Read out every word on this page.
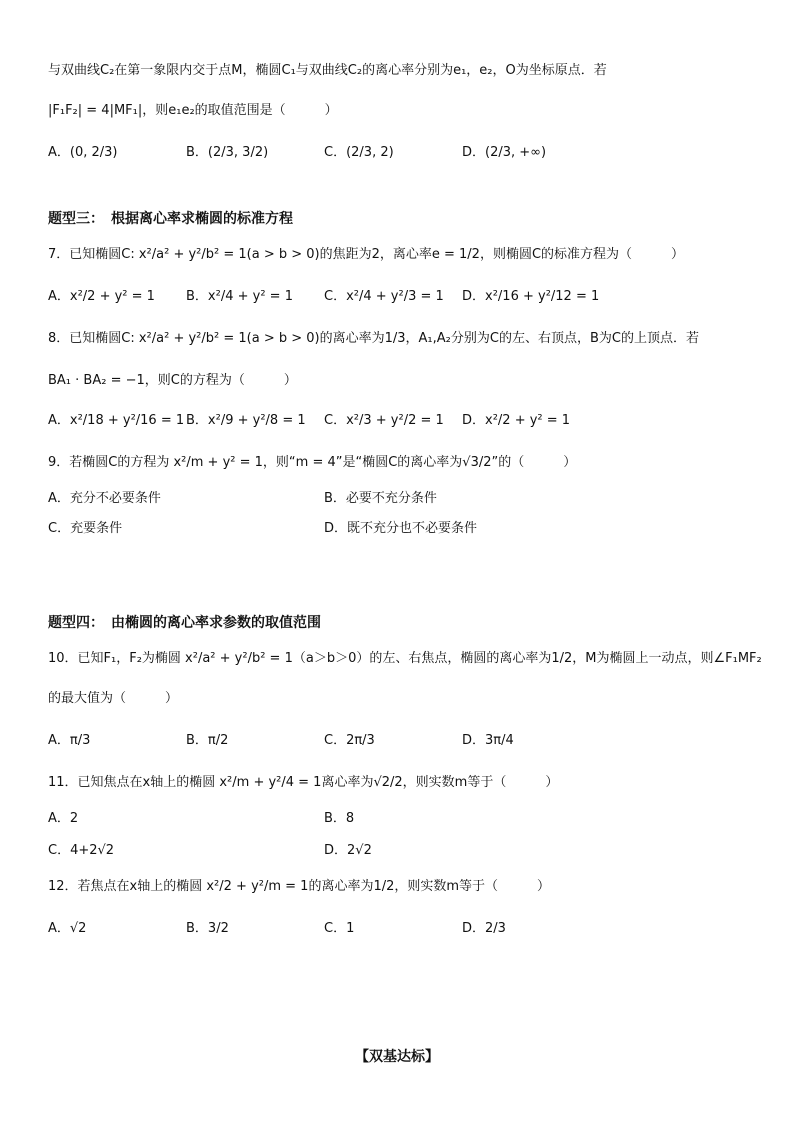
与双曲线C₂在第一象限内交于点M，椭圆C₁与双曲线C₂的离心率分别为e₁，e₂，O为坐标原点．若
|F₁F₂| = 4|MF₁|，则e₁e₂的取值范围是（　　　）
A．(0, 2/3)	B．(2/3, 3/2)	C．(2/3, 2)	D．(2/3, +∞)
题型三：　根据离心率求椭圆的标准方程
7．已知椭圆C: x²/a² + y²/b² = 1(a > b > 0)的焦距为2，离心率e = 1/2，则椭圆C的标准方程为（　　　）
A．x²/2 + y² = 1 B．x²/4 + y² = 1 C．x²/4 + y²/3 = 1 D．x²/16 + y²/12 = 1
8．已知椭圆C: x²/a² + y²/b² = 1(a > b > 0)的离心率为1/3，A₁,A₂分别为C的左、右顶点，B为C的上顶点．若
BA₁ · BA₂ = −1，则C的方程为（　　　）
A．x²/18 + y²/16 = 1 B．x²/9 + y²/8 = 1 C．x²/3 + y²/2 = 1 D．x²/2 + y² = 1
9．若椭圆C的方程为 x²/m + y² = 1，则“m = 4”是“椭圆C的离心率为√3/2”的（　　　）
A．充分不必要条件	B．必要不充分条件
C．充要条件	D．既不充分也不必要条件
题型四：　由椭圆的离心率求参数的取值范围
10．已知F₁，F₂为椭圆 x²/a² + y²/b² = 1（a＞b＞0）的左、右焦点，椭圆的离心率为1/2，M为椭圆上一动点，则∠F₁MF₂
的最大值为（　　　）
A．π/3	B．π/2	C．2π/3	D．3π/4
11．已知焦点在x轴上的椭圆 x²/m + y²/4 = 1离心率为√2/2，则实数m等于（　　　）
A．2	B．8
C．4+2√2	D．2√2
12．若焦点在x轴上的椭圆 x²/2 + y²/m = 1的离心率为1/2，则实数m等于（　　　）
A．√2	B．3/2	C．1	D．2/3
【双基达标】
